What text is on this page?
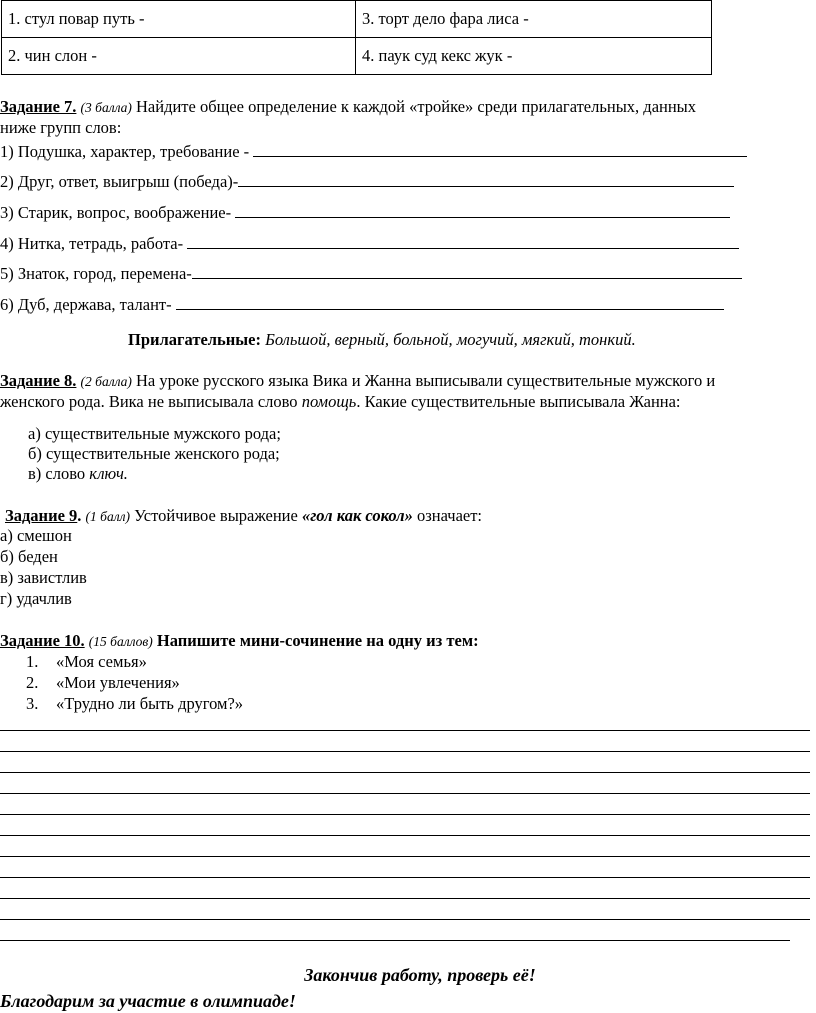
1. стул повар путь -	3. торт дело фара лиса -
2. чин слон -	4. паук суд кекс жук -
Задание 7. (3 балла) Найдите общее определение к каждой «тройке» среди прилагательных, данных
ниже групп слов:
1) Подушка, характер, требование -
2) Друг, ответ, выигрыш (победа)-
3) Старик, вопрос, воображение-
4) Нитка, тетрадь, работа-
5) Знаток, город, перемена-
6) Дуб, держава, талант-
Прилагательные: Большой, верный, больной, могучий, мягкий, тонкий.
Задание 8. (2 балла) На уроке русского языка Вика и Жанна выписывали существительные мужского и
женского рода. Вика не выписывала слово помощь. Какие существительные выписывала Жанна:
а) существительные мужского рода;
б) существительные женского рода;
в) слово ключ.
Задание 9. (1 балл) Устойчивое выражение «гол как сокол» означает:
а) смешон
б) беден
в) завистлив
г) удачлив
Задание 10. (15 баллов) Напишите мини-сочинение на одну из тем:
1. «Моя семья»
2. «Мои увлечения»
3. «Трудно ли быть другом?»
Закончив работу, проверь её!
Благодарим за участие в олимпиаде!
